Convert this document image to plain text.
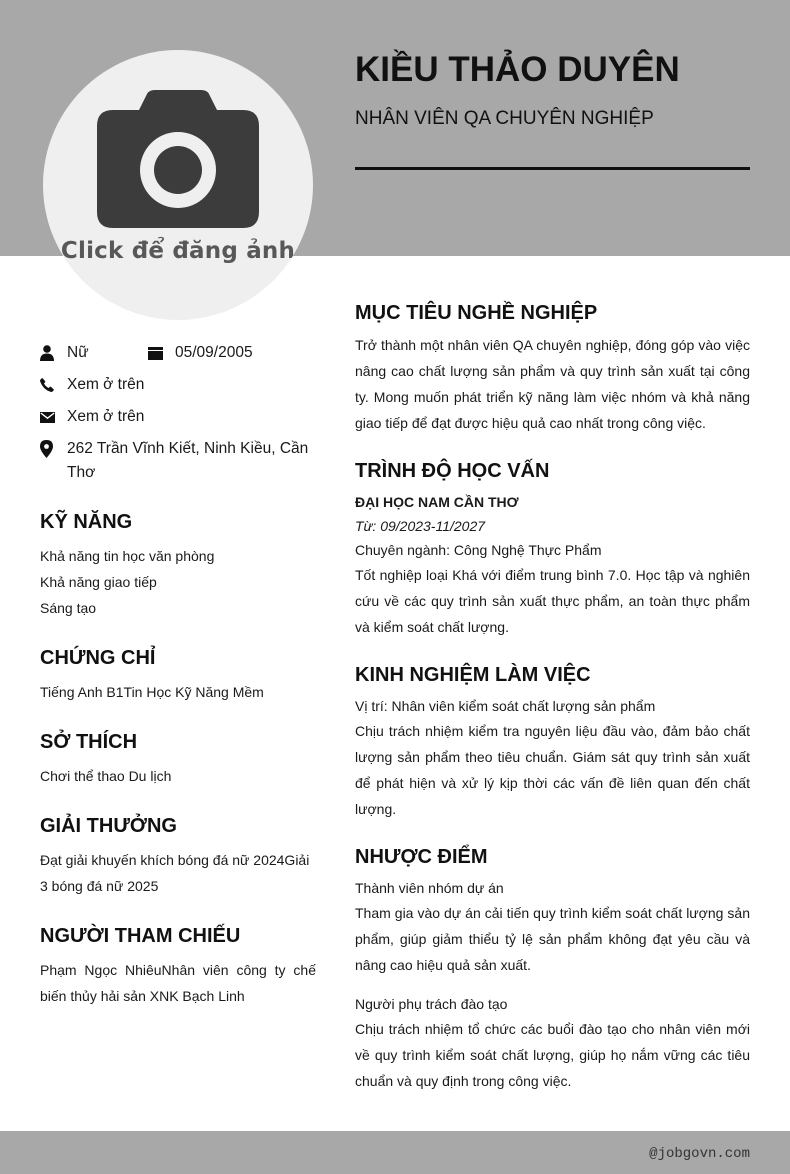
Click để đăng ảnh
KIỀU THẢO DUYÊN
NHÂN VIÊN QA CHUYÊN NGHIỆP
Nữ	05/09/2005
Xem ở trên
Xem ở trên
262 Trần Vĩnh Kiết, Ninh Kiều, Cần Thơ
KỸ NĂNG
Khả năng tin học văn phòng
Khả năng giao tiếp
Sáng tạo
CHỨNG CHỈ
Tiếng Anh B1Tin Học Kỹ Năng Mềm
SỞ THÍCH
Chơi thể thao Du lịch
GIẢI THƯỞNG
Đạt giải khuyến khích bóng đá nữ 2024Giải 3 bóng đá nữ 2025
NGƯỜI THAM CHIẾU
Phạm Ngọc NhiêuNhân viên công ty chế biến thủy hải sản XNK Bạch Linh
MỤC TIÊU NGHỀ NGHIỆP
Trở thành một nhân viên QA chuyên nghiệp, đóng góp vào việc nâng cao chất lượng sản phẩm và quy trình sản xuất tại công ty. Mong muốn phát triển kỹ năng làm việc nhóm và khả năng giao tiếp để đạt được hiệu quả cao nhất trong công việc.
TRÌNH ĐỘ HỌC VẤN
ĐẠI HỌC NAM CẦN THƠ
Từ: 09/2023-11/2027
Chuyên ngành: Công Nghệ Thực Phẩm
Tốt nghiệp loại Khá với điểm trung bình 7.0. Học tập và nghiên cứu về các quy trình sản xuất thực phẩm, an toàn thực phẩm và kiểm soát chất lượng.
KINH NGHIỆM LÀM VIỆC
Vị trí: Nhân viên kiểm soát chất lượng sản phẩm
Chịu trách nhiệm kiểm tra nguyên liệu đầu vào, đảm bảo chất lượng sản phẩm theo tiêu chuẩn. Giám sát quy trình sản xuất để phát hiện và xử lý kịp thời các vấn đề liên quan đến chất lượng.
NHƯỢC ĐIỂM
Thành viên nhóm dự án
Tham gia vào dự án cải tiến quy trình kiểm soát chất lượng sản phẩm, giúp giảm thiểu tỷ lệ sản phẩm không đạt yêu cầu và nâng cao hiệu quả sản xuất.
Người phụ trách đào tạo
Chịu trách nhiệm tổ chức các buổi đào tạo cho nhân viên mới về quy trình kiểm soát chất lượng, giúp họ nắm vững các tiêu chuẩn và quy định trong công việc.
@jobgovn.com
